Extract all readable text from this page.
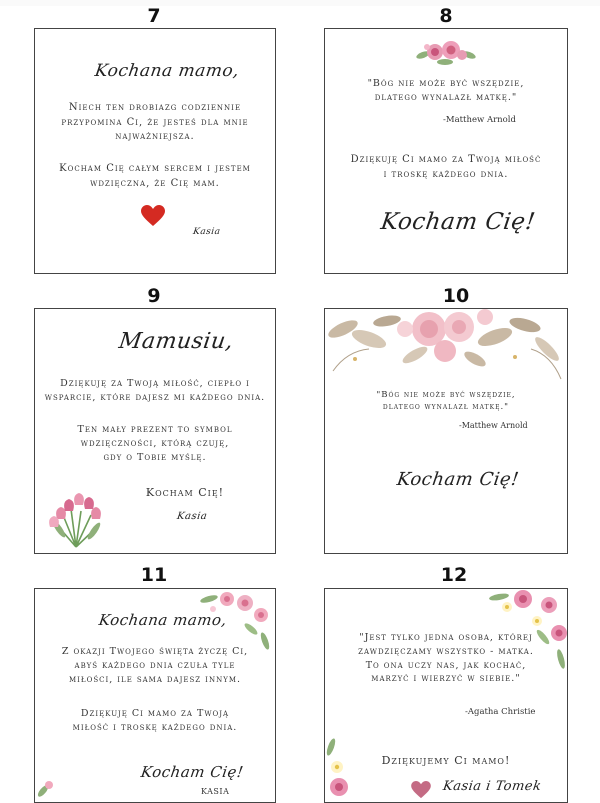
7
Kochana mamo,
Niech ten drobiazg codziennie
przypomina Ci, że jesteś dla mnie
najważniejsza.
Kocham Cię całym sercem i jestem
wdzięczna, że Cię mam.
Kasia
8
"Bóg nie może być wszędzie,
dlatego wynalazł matkę."
-Matthew Arnold
Dziękuję Ci mamo za Twoją miłość
i troskę każdego dnia.
Kocham Cię!
9
Mamusiu,
Dziękuję za Twoją miłość, ciepło i
wsparcie, które dajesz mi każdego dnia.
Ten mały prezent to symbol
wdzięczności, którą czuję,
gdy o Tobie myślę.
Kocham Cię!
Kasia
10
"Bóg nie może być wszędzie,
dlatego wynalazł matkę."
-Matthew Arnold
Kocham Cię!
11
Kochana mamo,
Z okazji Twojego święta życzę Ci,
abyś każdego dnia czuła tyle
miłości, ile sama dajesz innym.
Dziękuję Ci mamo za Twoją
miłość i troskę każdego dnia.
Kocham Cię!
KASIA
12
"Jest tylko jedna osoba, której
zawdzięczamy wszystko - matka.
To ona uczy nas, jak kochać,
marzyć i wierzyć w siebie."
-Agatha Christie
Dziękujemy Ci mamo!
Kasia i Tomek
